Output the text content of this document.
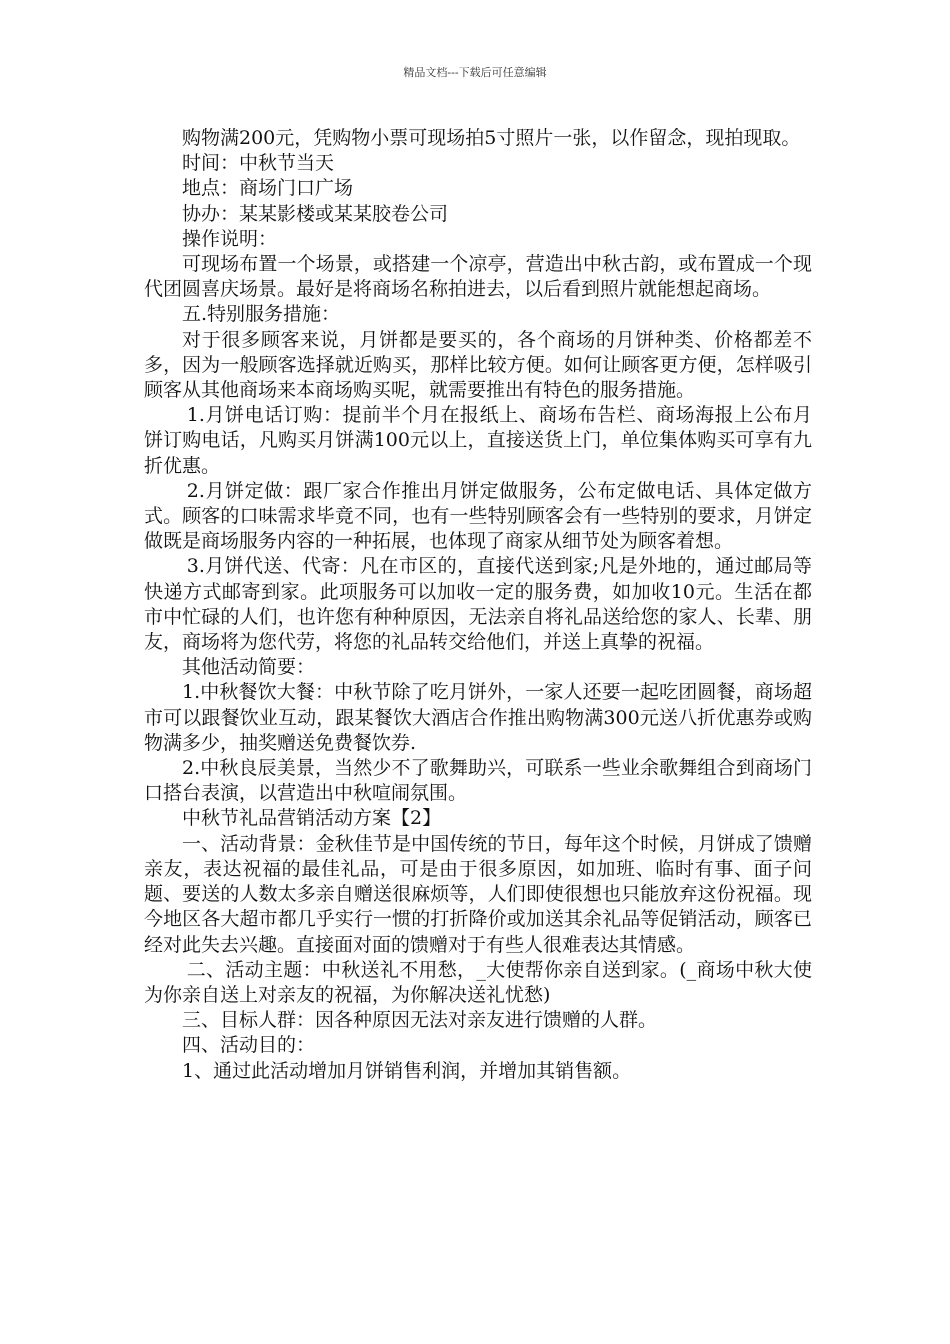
精品文档---下载后可任意编辑

购物满200元，凭购物小票可现场拍5寸照片一张，以作留念，现拍现取。

时间：中秋节当天

地点：商场门口广场

协办：某某影楼或某某胶卷公司

操作说明：

可现场布置一个场景，或搭建一个凉亭，营造出中秋古韵，或布置成一个现代团圆喜庆场景。最好是将商场名称拍进去，以后看到照片就能想起商场。

五.特别服务措施：

对于很多顾客来说，月饼都是要买的，各个商场的月饼种类、价格都差不多，因为一般顾客选择就近购买，那样比较方便。如何让顾客更方便，怎样吸引顾客从其他商场来本商场购买呢，就需要推出有特色的服务措施。

1.月饼电话订购：提前半个月在报纸上、商场布告栏、商场海报上公布月饼订购电话，凡购买月饼满100元以上，直接送货上门，单位集体购买可享有九折优惠。

2.月饼定做：跟厂家合作推出月饼定做服务，公布定做电话、具体定做方式。顾客的口味需求毕竟不同，也有一些特别顾客会有一些特别的要求，月饼定做既是商场服务内容的一种拓展，也体现了商家从细节处为顾客着想。

3.月饼代送、代寄：凡在市区的，直接代送到家;凡是外地的，通过邮局等快递方式邮寄到家。此项服务可以加收一定的服务费，如加收10元。生活在都市中忙碌的人们，也许您有种种原因，无法亲自将礼品送给您的家人、长辈、朋友，商场将为您代劳，将您的礼品转交给他们，并送上真挚的祝福。

其他活动简要：

1.中秋餐饮大餐：中秋节除了吃月饼外，一家人还要一起吃团圆餐，商场超市可以跟餐饮业互动，跟某餐饮大酒店合作推出购物满300元送八折优惠券或购物满多少，抽奖赠送免费餐饮券.

2.中秋良辰美景，当然少不了歌舞助兴，可联系一些业余歌舞组合到商场门口搭台表演，以营造出中秋喧闹氛围。

中秋节礼品营销活动方案【2】

一、活动背景：金秋佳节是中国传统的节日，每年这个时候，月饼成了馈赠亲友，表达祝福的最佳礼品，可是由于很多原因，如加班、临时有事、面子问题、要送的人数太多亲自赠送很麻烦等，人们即使很想也只能放弃这份祝福。现今地区各大超市都几乎实行一惯的打折降价或加送其余礼品等促销活动，顾客已经对此失去兴趣。直接面对面的馈赠对于有些人很难表达其情感。

二、活动主题：中秋送礼不用愁，_大使帮你亲自送到家。(_商场中秋大使为你亲自送上对亲友的祝福，为你解决送礼忧愁)

三、目标人群：因各种原因无法对亲友进行馈赠的人群。

四、活动目的：

1、通过此活动增加月饼销售利润，并增加其销售额。
